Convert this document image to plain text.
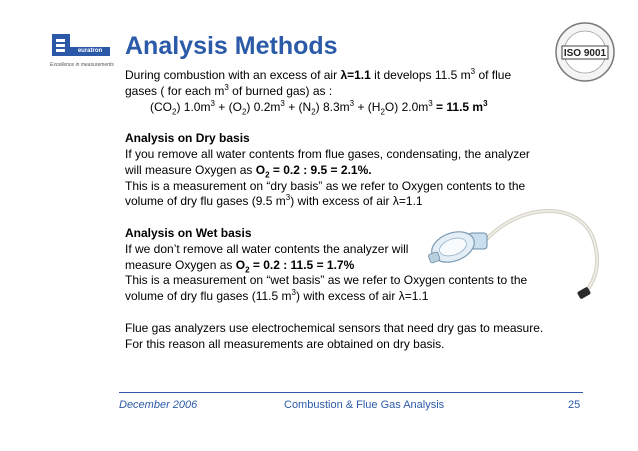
euratron
Excellence in measurements
Analysis Methods	ISO 9001

During combustion with an excess of air λ=1.1 it develops 11.5 $m^3$ of flue

gases ( for each $m^3$ of burned gas) as :

$(CO_2) 1.0m^3 + (O_2) 0.2m^3 + (N_2) 8.3m^3 + (H_2O) 2.0m^3 = 11.5$ $m^3$

Analysis on Dry basis

If you remove all water contents from flue gases, condensating, the analyzer

will measure Oxygen as $O_2 = 0.2$ : 9.5 = 2.1%.

This is a measurement on “dry basis” as we refer to Oxygen contents to the

volume of dry flu gases (9.5 $m^3$) with excess of air λ=1.1

Analysis on Wet basis

If we don’t remove all water contents the analyzer will

measure Oxygen as $O_2 = 0.2$ : 11.5 = 1.7%

This is a measurement on “wet basis” as we refer to Oxygen contents to the

volume of dry flu gases (11.5 $m^3$) with excess of air λ=1.1

Flue gas analyzers use electrochemical sensors that need dry gas to measure.

For this reason all measurements are obtained on dry basis.

December 2006	Combustion & Flue Gas Analysis	25
